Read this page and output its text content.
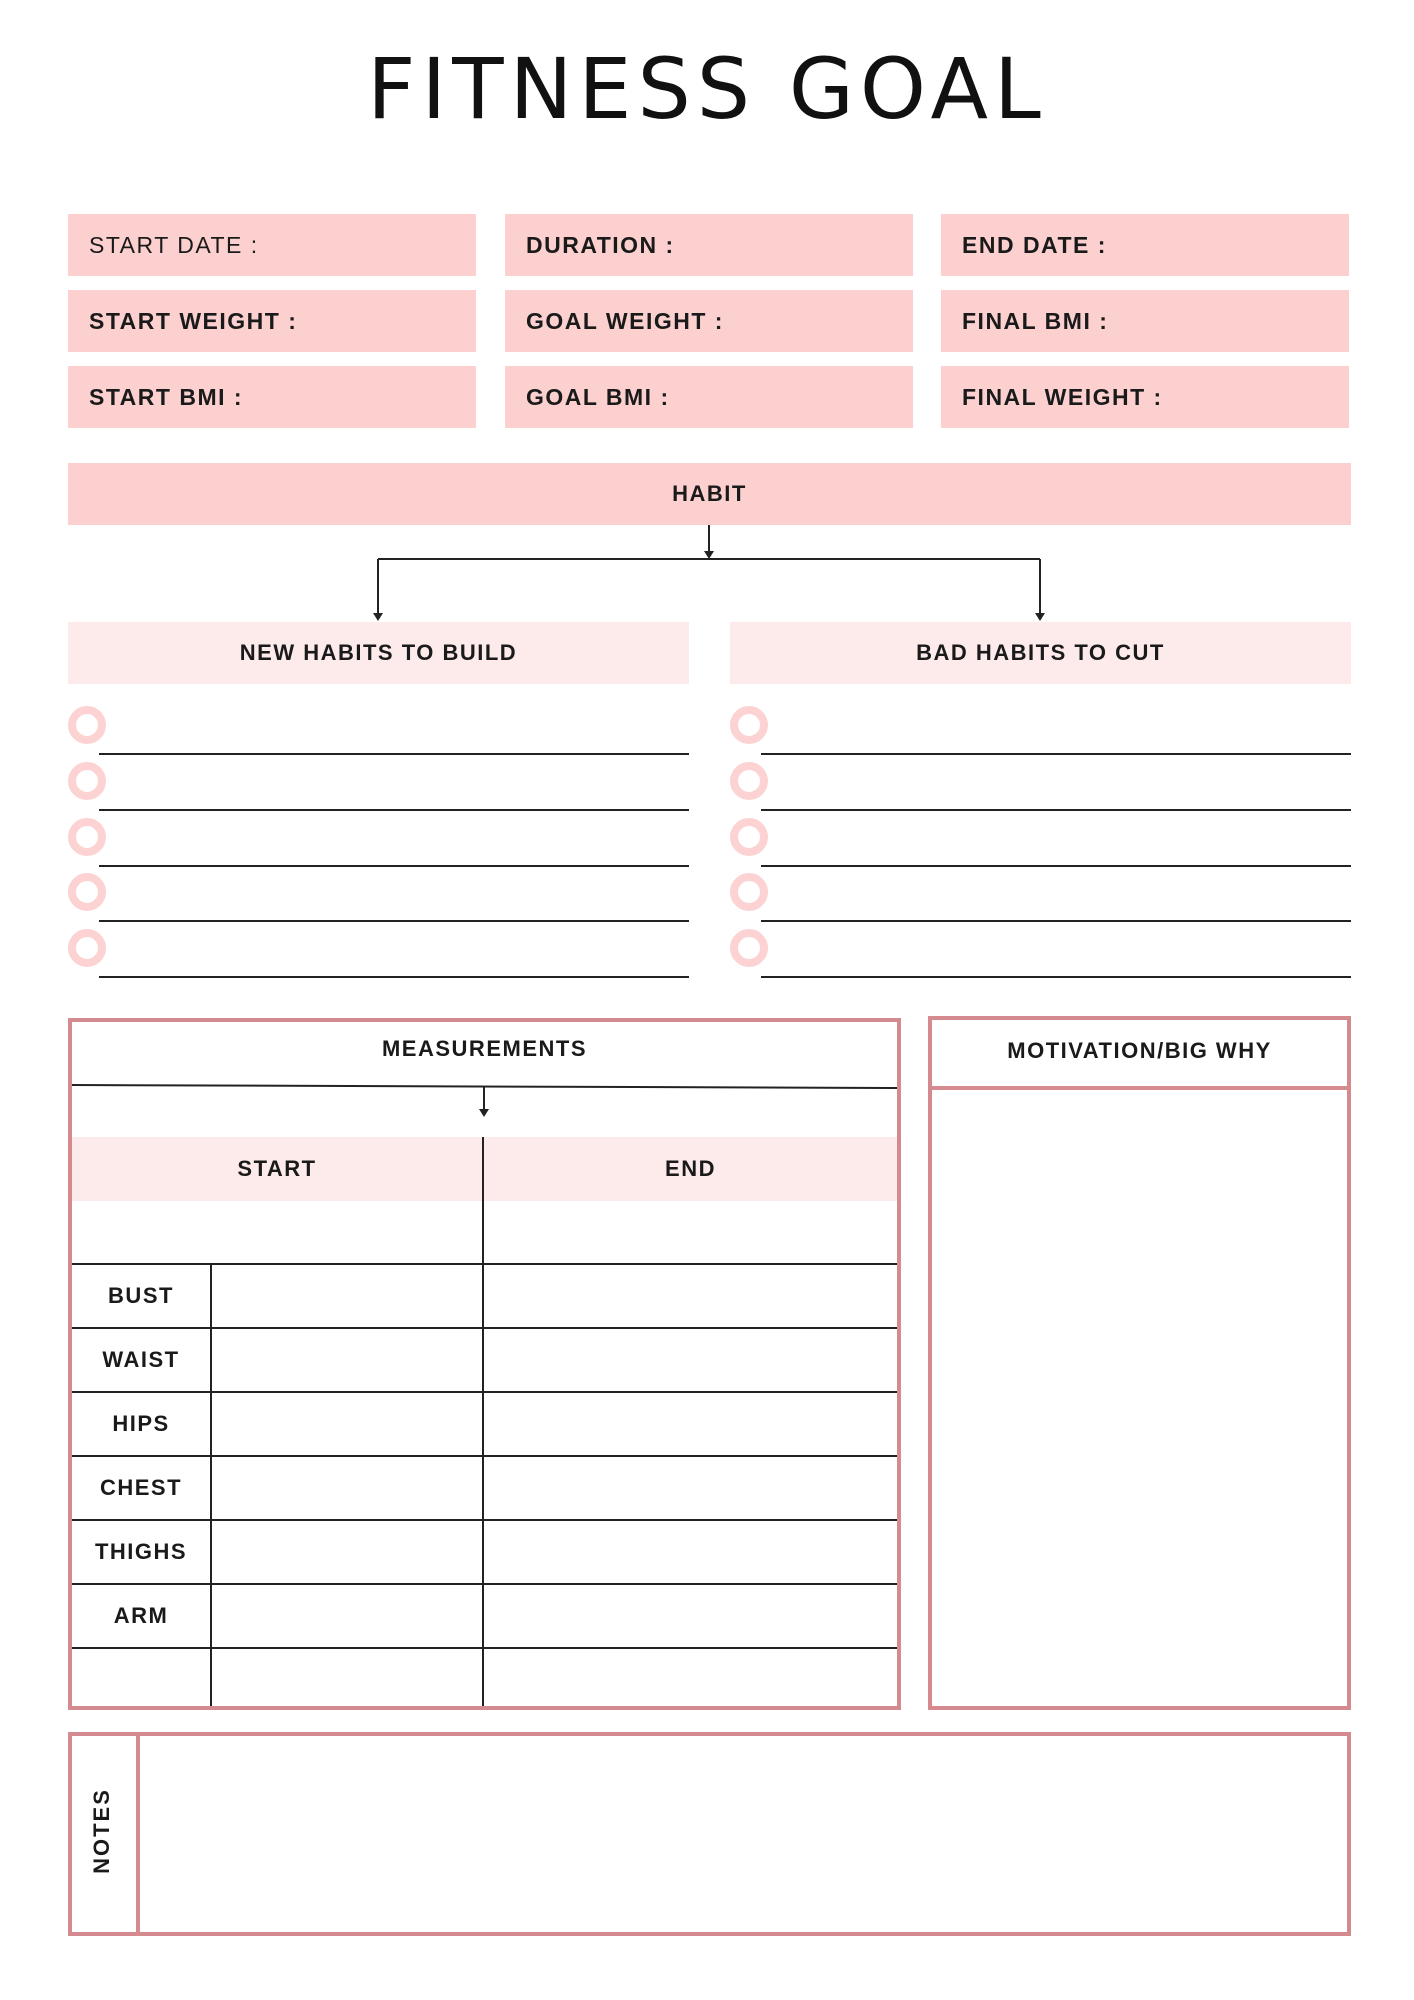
FITNESS GOAL
START DATE :	DURATION :	END DATE :
START WEIGHT :	GOAL WEIGHT :	FINAL BMI :
START BMI :	GOAL BMI :	FINAL WEIGHT :
HABIT
NEW HABITS TO BUILD	BAD HABITS TO CUT
MEASUREMENTS
START	END
BUST
WAIST
HIPS
CHEST
THIGHS
ARM
MOTIVATION/BIG WHY
NOTES
